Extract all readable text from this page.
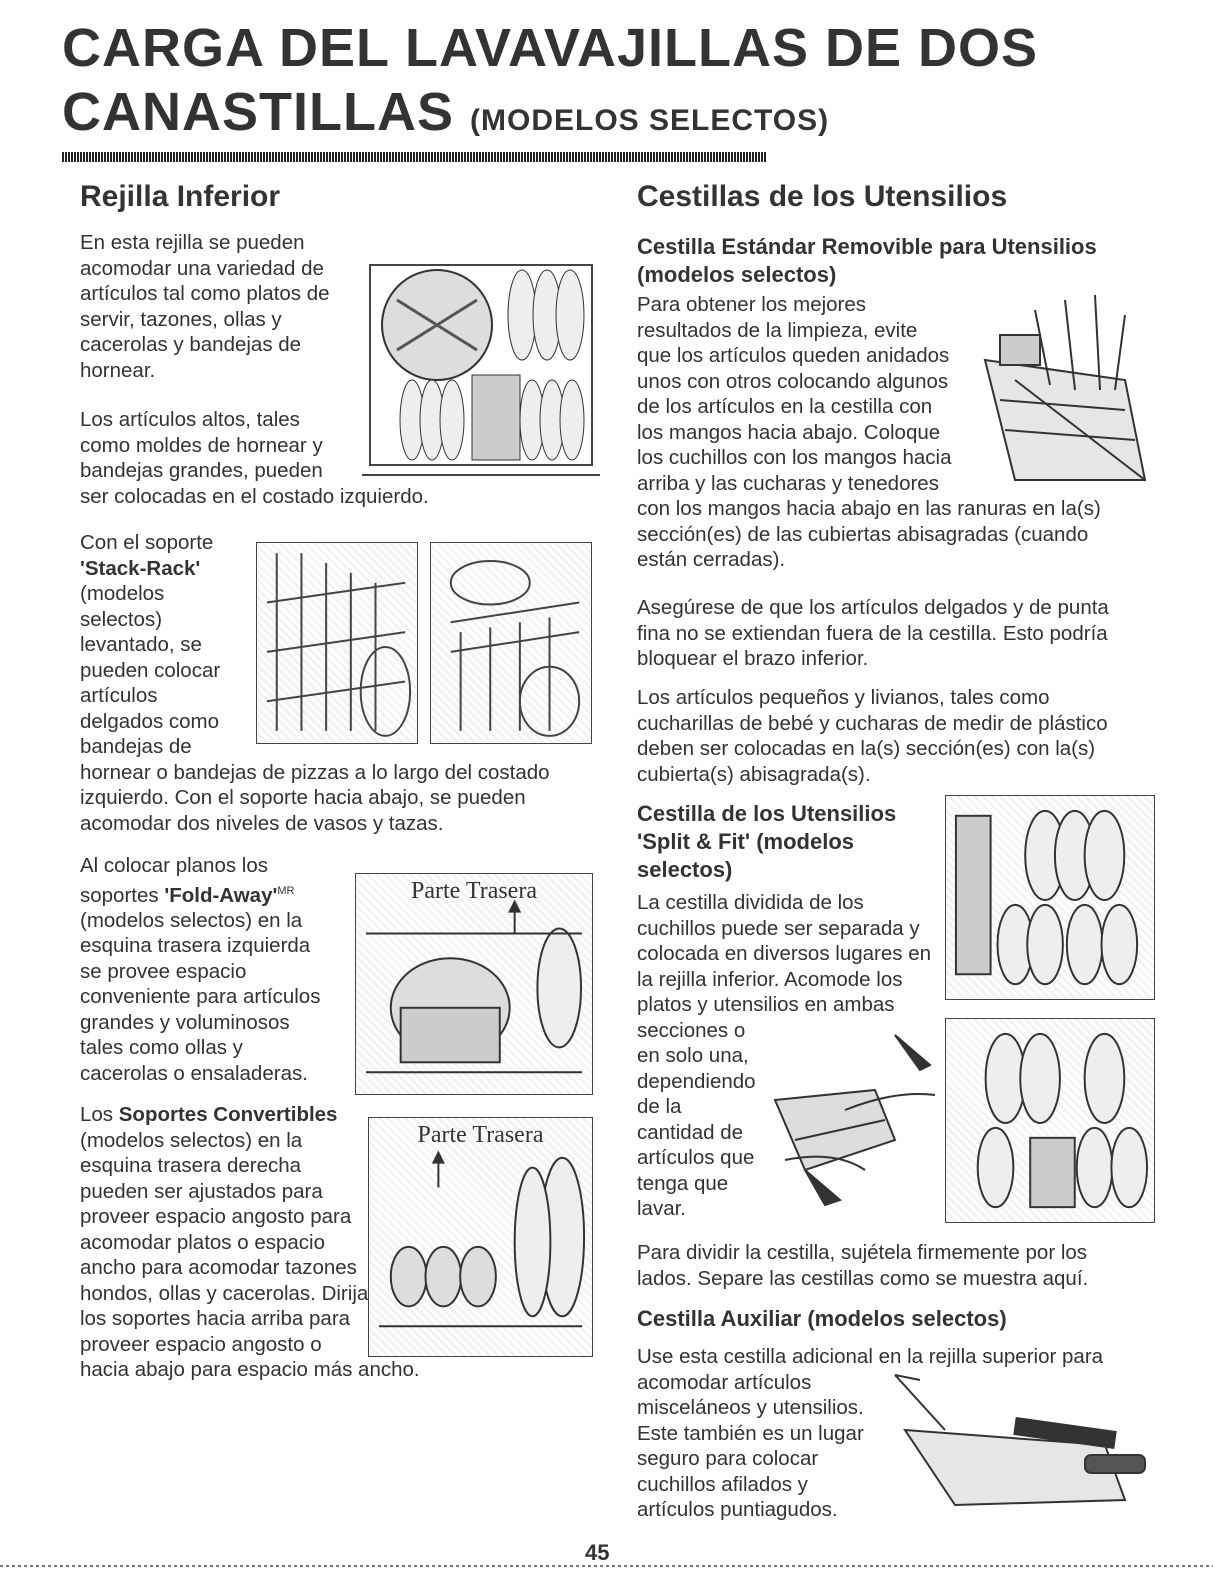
CARGA DEL LAVAVAJILLAS DE DOS
CANASTILLAS (MODELOS SELECTOS)
Rejilla Inferior
En esta rejilla se pueden
acomodar una variedad de
artículos tal como platos de
servir, tazones, ollas y
cacerolas y bandejas de
hornear.
Los artículos altos, tales
como moldes de hornear y
bandejas grandes, pueden
ser colocadas en el costado izquierdo.
Con el soporte
'Stack-Rack'
(modelos
selectos)
levantado, se
pueden colocar
artículos
delgados como
bandejas de
hornear o bandejas de pizzas a lo largo del costado
izquierdo. Con el soporte hacia abajo, se pueden
acomodar dos niveles de vasos y tazas.
Al colocar planos los
soportes '$Fold-Away'^{MR}$
(modelos selectos) en la
esquina trasera izquierda
se provee espacio
conveniente para artículos
grandes y voluminosos
tales como ollas y
cacerolas o ensaladeras.
Parte Trasera
Los Soportes Convertibles
(modelos selectos) en la
esquina trasera derecha
pueden ser ajustados para
proveer espacio angosto para
acomodar platos o espacio
ancho para acomodar tazones
hondos, ollas y cacerolas. Dirija
los soportes hacia arriba para
proveer espacio angosto o
hacia abajo para espacio más ancho.
Parte Trasera
Cestillas de los Utensilios
Cestilla Estándar Removible para Utensilios
(modelos selectos)
Para obtener los mejores
resultados de la limpieza, evite
que los artículos queden anidados
unos con otros colocando algunos
de los artículos en la cestilla con
los mangos hacia abajo. Coloque
los cuchillos con los mangos hacia
arriba y las cucharas y tenedores
con los mangos hacia abajo en las ranuras en la(s)
sección(es) de las cubiertas abisagradas (cuando
están cerradas).
Asegúrese de que los artículos delgados y de punta
fina no se extiendan fuera de la cestilla. Esto podría
bloquear el brazo inferior.
Los artículos pequeños y livianos, tales como
cucharillas de bebé y cucharas de medir de plástico
deben ser colocadas en la(s) sección(es) con la(s)
cubierta(s) abisagrada(s).
Cestilla de los Utensilios
'Split & Fit' (modelos
selectos)
La cestilla dividida de los
cuchillos puede ser separada y
colocada en diversos lugares en
la rejilla inferior. Acomode los
platos y utensilios en ambas
secciones o
en solo una,
dependiendo
de la
cantidad de
artículos que
tenga que
lavar.
Para dividir la cestilla, sujétela firmemente por los
lados. Separe las cestillas como se muestra aquí.
Cestilla Auxiliar (modelos selectos)
Use esta cestilla adicional en la rejilla superior para
acomodar artículos
misceláneos y utensilios.
Este también es un lugar
seguro para colocar
cuchillos afilados y
artículos puntiagudos.
45
